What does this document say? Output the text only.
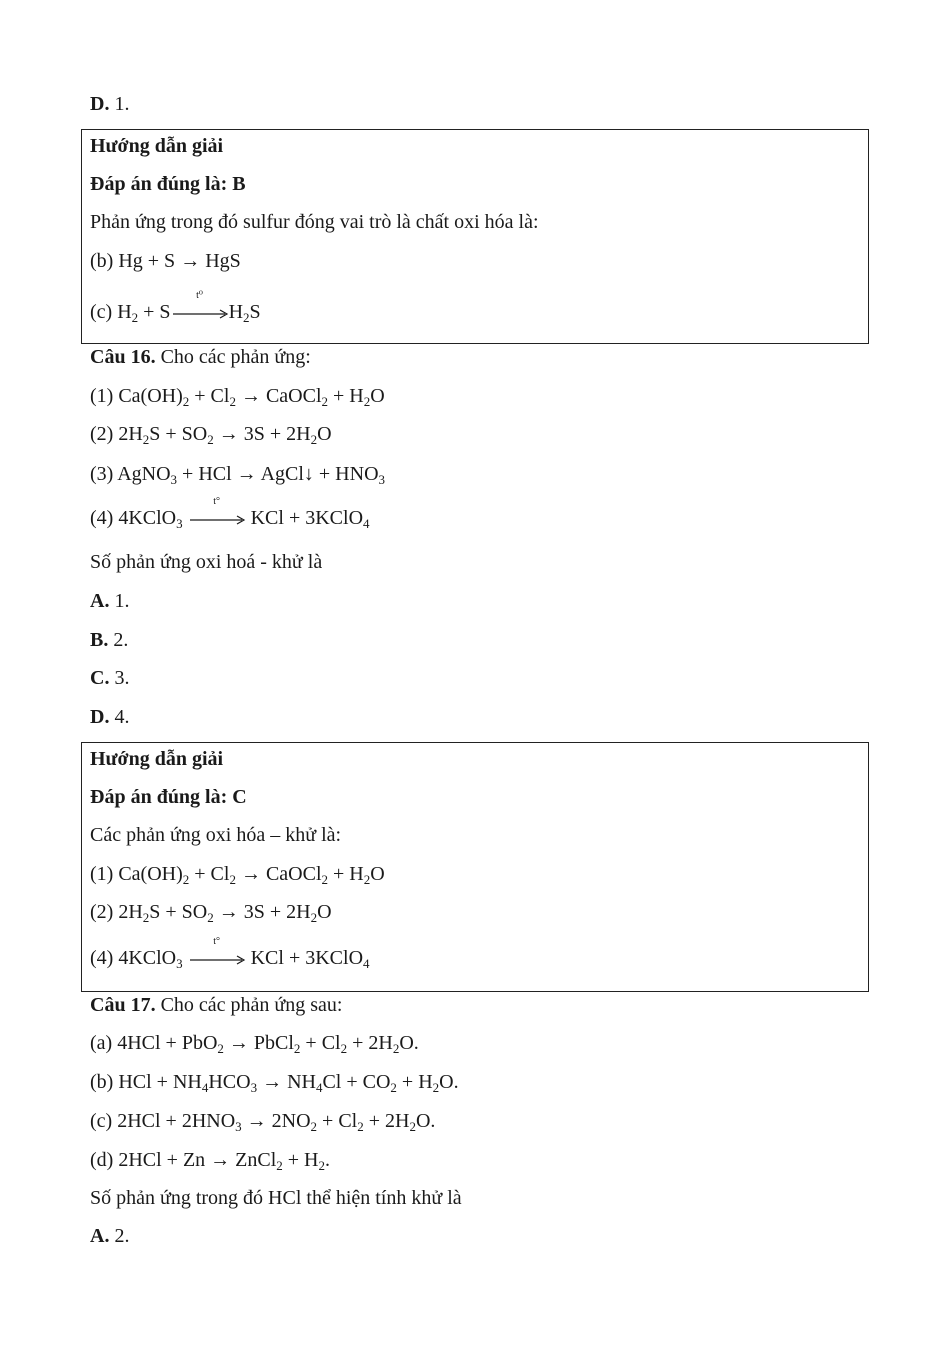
D. 1.
Hướng dẫn giải
Đáp án đúng là: B
Phản ứng trong đó sulfur đóng vai trò là chất oxi hóa là:
(b) Hg + S → HgS
(c) $H_2 + S$
t⁰
$H_2S$
Câu 16. Cho các phản ứng:
(1) $Ca(OH)_2 + Cl_2$ → CaOCl$_2$ + $H_2O$
(2) $2H_2S + SO_2 \to 3S + 2H_2O$
(3) AgNO$_3$ + HCl → AgCl↓ + $HNO_3$
(4) 4KClO$_3$
t°
KCl + 3KClO$_4$
Số phản ứng oxi hoá - khử là
A. 1.
B. 2.
C. 3.
D. 4.
Hướng dẫn giải
Đáp án đúng là: C
Các phản ứng oxi hóa – khử là:
(1) $Ca(OH)_2 + Cl_2$ → CaOCl$_2$ + $H_2O$
(2) $2H_2S + SO_2 \to 3S + 2H_2O$
(4) 4KClO$_3$
t°
KCl + 3KClO$_4$
Câu 17. Cho các phản ứng sau:
(a) 4HCl + PbO$_2$ → PbCl$_2$ + $Cl_2 + 2H_2O$.
(b) HCl + $NH_4HCO_3 \to NH_4Cl + CO_2 + H_2O$.
(c) $2HCl + 2HNO_3 \to 2NO_2 + Cl_2 + 2H_2O$.
(d) 2HCl + Zn → ZnCl$_2$ + $H_2$.
Số phản ứng trong đó HCl thể hiện tính khử là
A. 2.
